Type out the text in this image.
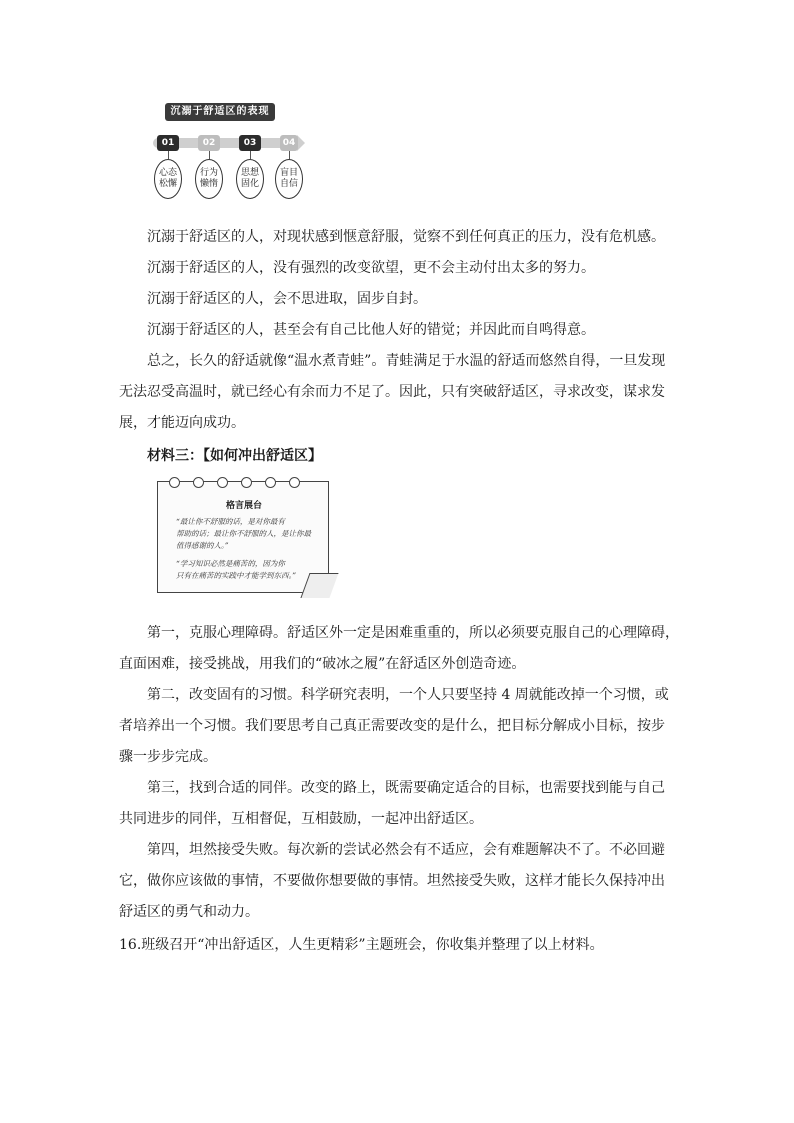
沉溺于舒适区的表现
01	02	03	04
心态松懈
行为懒惰
思想固化
盲目自信

沉溺于舒适区的人，对现状感到惬意舒服，觉察不到任何真正的压力，没有危机感。

沉溺于舒适区的人，没有强烈的改变欲望，更不会主动付出太多的努力。

沉溺于舒适区的人，会不思进取，固步自封。

沉溺于舒适区的人，甚至会有自己比他人好的错觉；并因此而自鸣得意。

总之，长久的舒适就像“温水煮青蛙”。青蛙满足于水温的舒适而悠然自得，一旦发现

无法忍受高温时，就已经心有余而力不足了。因此，只有突破舒适区，寻求改变，谋求发

展，才能迈向成功。

材料三：【如何冲出舒适区】

格言展台
“最让你不舒服的话，是对你最有
帮助的话；最让你不舒服的人，是让你最
值得感谢的人。”
“学习知识必然是痛苦的，因为你
只有在痛苦的实践中才能学到东西。”

第一，克服心理障碍。舒适区外一定是困难重重的，所以必须要克服自己的心理障碍，

直面困难，接受挑战，用我们的“破冰之履”在舒适区外创造奇迹。

第二，改变固有的习惯。科学研究表明，一个人只要坚持 4 周就能改掉一个习惯，或

者培养出一个习惯。我们要思考自己真正需要改变的是什么，把目标分解成小目标，按步

骤一步步完成。

第三，找到合适的同伴。改变的路上，既需要确定适合的目标，也需要找到能与自己

共同进步的同伴，互相督促，互相鼓励，一起冲出舒适区。

第四，坦然接受失败。每次新的尝试必然会有不适应，会有难题解决不了。不必回避

它，做你应该做的事情，不要做你想要做的事情。坦然接受失败，这样才能长久保持冲出

舒适区的勇气和动力。

16.班级召开“冲出舒适区，人生更精彩”主题班会，你收集并整理了以上材料。
